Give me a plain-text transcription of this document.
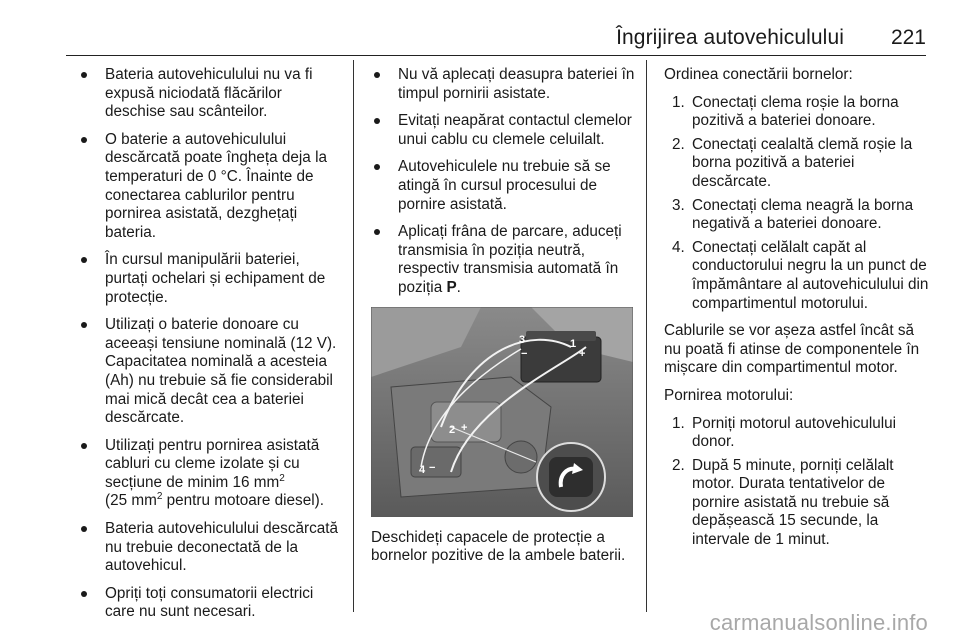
Îngrijirea autovehiculului 221
Bateria autovehiculului nu va fi expusă niciodată flăcărilor deschise sau scânteilor.
O baterie a autovehiculului descărcată poate îngheța deja la temperaturi de 0 °C. Înainte de conectarea cablurilor pentru pornirea asistată, dezghețați bateria.
În cursul manipulării bateriei, purtați ochelari și echipament de protecție.
Utilizați o baterie donoare cu aceeași tensiune nominală (12 V). Capacitatea nominală a acesteia (Ah) nu trebuie să fie considerabil mai mică decât cea a bateriei descărcate.
Utilizați pentru pornirea asistată cabluri cu cleme izolate și cu secțiune de minim 16 $mm^2$
(25 $mm^2$ pentru motoare diesel).
Bateria autovehiculului descărcată nu trebuie deconectată de la autovehicul.
Opriți toți consumatorii electrici care nu sunt necesari.
Nu vă aplecați deasupra bateriei în timpul pornirii asistate.
Evitați neapărat contactul clemelor unui cablu cu clemele celuilalt.
Autovehiculele nu trebuie să se atingă în cursul procesului de pornire asistată.
Aplicați frâna de parcare, aduceți transmisia în poziția neutră, respectiv transmisia automată în poziția P.
3
−
1
+
2 +
4 −

Deschideți capacele de protecție a bornelor pozitive de la ambele baterii.

Ordinea conectării bornelor:

1. Conectați clema roșie la borna pozitivă a bateriei donoare.
2. Conectați cealaltă clemă roșie la borna pozitivă a bateriei descărcate.
3. Conectați clema neagră la borna negativă a bateriei donoare.
4. Conectați celălalt capăt al conductorului negru la un punct de împământare al autovehiculului din compartimentul motorului.

Cablurile se vor așeza astfel încât să nu poată fi atinse de componentele în mișcare din compartimentul motor.

Pornirea motorului:

1. Porniți motorul autovehiculului donor.
2. După 5 minute, porniți celălalt motor. Durata tentativelor de pornire asistată nu trebuie să depășească 15 secunde, la intervale de 1 minut.
carmanualsonline.info
